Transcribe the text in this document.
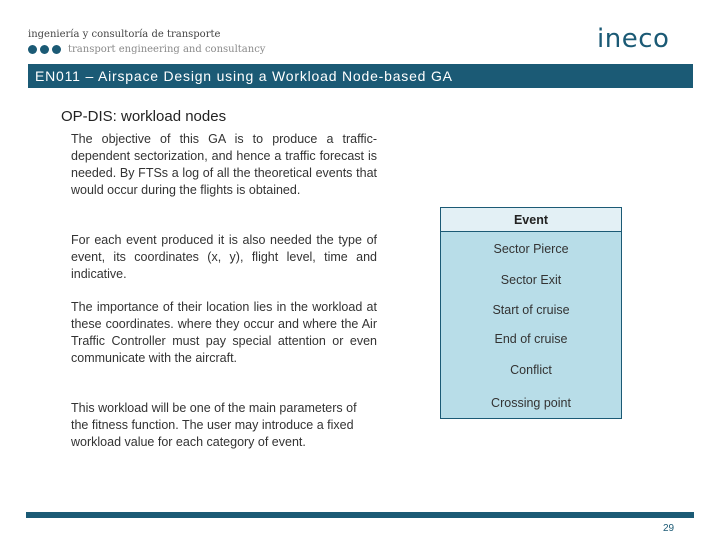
ingeniería y consultoría de transporte
transport engineering and consultancy	ineco
EN011 – Airspace Design using a Workload Node-based GA
OP-DIS: workload nodes
The objective of this GA is to produce a traffic-dependent sectorization, and hence a traffic forecast is needed. By FTSs a log of all the theoretical events that would occur during the flights is obtained.
For each event produced it is also needed the type of event, its coordinates (x, y), flight level, time and indicative.
The importance of their location lies in the workload at these coordinates. where they occur and where the Air Traffic Controller must pay special attention or even communicate with the aircraft.
This workload will be one of the main parameters of the fitness function. The user may introduce a fixed workload value for each category of event.
Event
Sector Pierce
Sector Exit
Start of cruise
End of cruise
Conflict
Crossing point
29
